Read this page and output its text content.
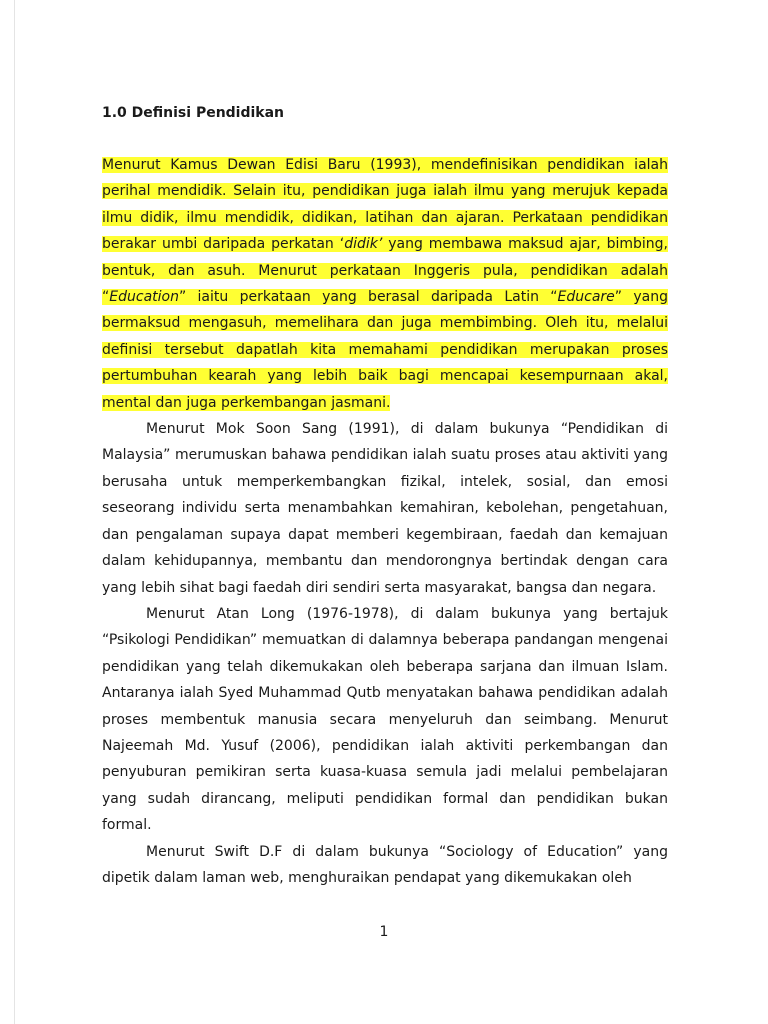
1.0 Definisi Pendidikan

Menurut Kamus Dewan Edisi Baru (1993), mendefinisikan pendidikan ialah perihal mendidik. Selain itu, pendidikan juga ialah ilmu yang merujuk kepada ilmu didik, ilmu mendidik, didikan, latihan dan ajaran. Perkataan pendidikan berakar umbi daripada perkatan ‘didik’ yang membawa maksud ajar, bimbing, bentuk, dan asuh. Menurut perkataan Inggeris pula, pendidikan adalah “Education” iaitu perkataan yang berasal daripada Latin “Educare” yang bermaksud mengasuh, memelihara dan juga membimbing. Oleh itu, melalui definisi tersebut dapatlah kita memahami pendidikan merupakan proses pertumbuhan kearah yang lebih baik bagi mencapai kesempurnaan akal, mental dan juga perkembangan jasmani.

Menurut Mok Soon Sang (1991), di dalam bukunya “Pendidikan di Malaysia” merumuskan bahawa pendidikan ialah suatu proses atau aktiviti yang berusaha untuk memperkembangkan fizikal, intelek, sosial, dan emosi seseorang individu serta menambahkan kemahiran, kebolehan, pengetahuan, dan pengalaman supaya dapat memberi kegembiraan, faedah dan kemajuan dalam kehidupannya, membantu dan mendorongnya bertindak dengan cara yang lebih sihat bagi faedah diri sendiri serta masyarakat, bangsa dan negara.

Menurut Atan Long (1976-1978), di dalam bukunya yang bertajuk “Psikologi Pendidikan” memuatkan di dalamnya beberapa pandangan mengenai pendidikan yang telah dikemukakan oleh beberapa sarjana dan ilmuan Islam. Antaranya ialah Syed Muhammad Qutb menyatakan bahawa pendidikan adalah proses membentuk manusia secara menyeluruh dan seimbang. Menurut Najeemah Md. Yusuf (2006), pendidikan ialah aktiviti perkembangan dan penyuburan pemikiran serta kuasa-kuasa semula jadi melalui pembelajaran yang sudah dirancang, meliputi pendidikan formal dan pendidikan bukan formal.

Menurut Swift D.F di dalam bukunya “Sociology of Education” yang dipetik dalam laman web, menghuraikan pendapat yang dikemukakan oleh

1
